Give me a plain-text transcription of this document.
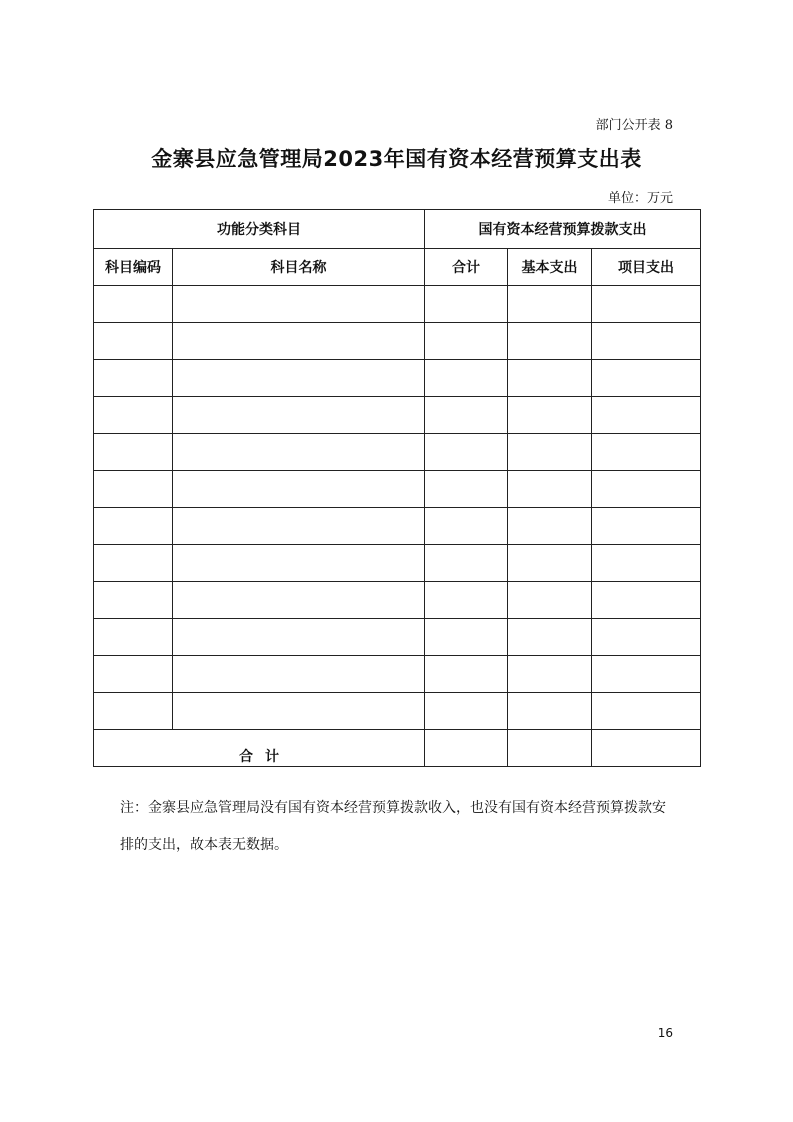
部门公开表 8
金寨县应急管理局2023年国有资本经营预算支出表
单位：万元
功能分类科目		国有资本经营预算拨款支出		
科目编码	科目名称	合计	基本支出	项目支出

合计				
注：金寨县应急管理局没有国有资本经营预算拨款收入，也没有国有资本经营预算拨款安排的支出，故本表无数据。
16
